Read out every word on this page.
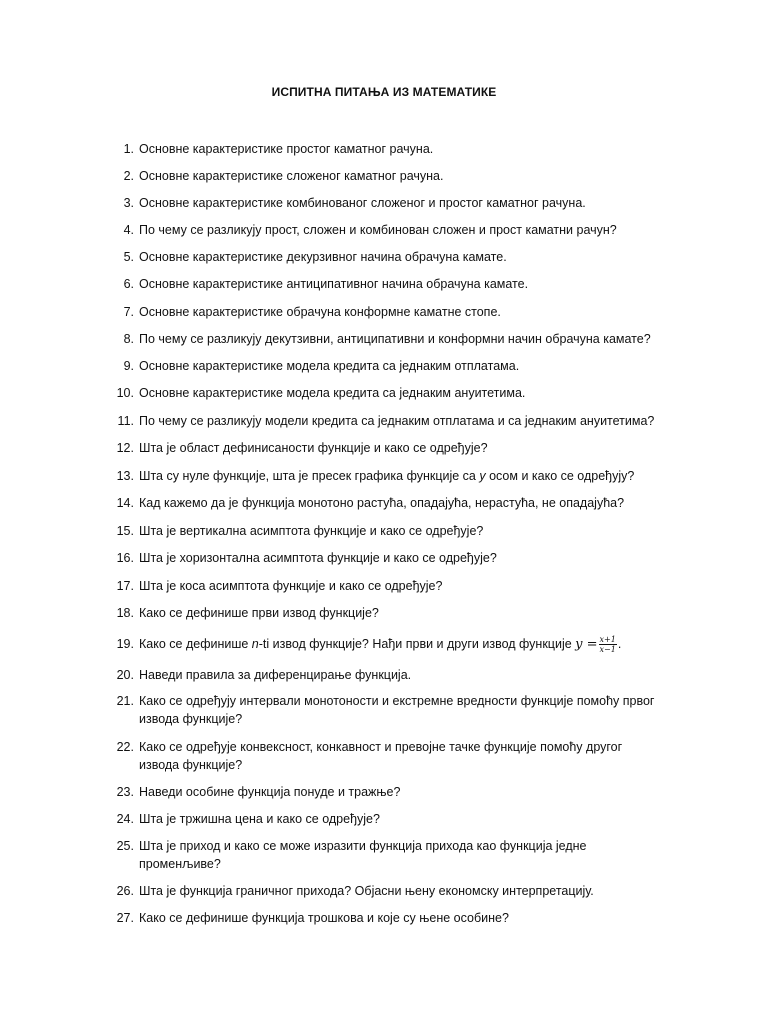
ИСПИТНА ПИТАЊА ИЗ МАТЕМАТИКЕ
1. Основне карактеристике простог каматног рачуна.
2. Основне карактеристике сложеног каматног рачуна.
3. Основне карактеристике комбинованог сложеног и простог каматног рачуна.
4. По чему се разликују прост, сложен и комбинован сложен и прост каматни рачун?
5. Основне карактеристике декурзивног начина обрачуна камате.
6. Основне карактеристике антиципативног начина обрачуна камате.
7. Основне карактеристике обрачуна конформне каматне стопе.
8. По чему се разликују декутзивни, антиципативни и конформни начин обрачуна камате?
9. Основне карактеристике модела кредита са једнаким отплатама.
10. Основне карактеристике модела кредита са једнаким ануитетима.
11. По чему се разликују модели кредита са једнаким отплатама и са једнаким ануитетима?
12. Шта је област дефинисаности функције и како се одређује?
13. Шта су нуле функције, шта је пресек графика функције са y осом и како се одређују?
14. Кад кажемо да је функција монотоно растућа, опадајућа, нерастућа, не опадајућа?
15. Шта је вертикална асимптота функције и како се одређује?
16. Шта је хоризонтална асимптота функције и како се одређује?
17. Шта је коса асимптота функције и како се одређује?
18. Како се дефинише први извод функције?
19. Како се дефинише n-ti извод функције? Нађи први и други извод функције $y = \frac{x+1}{x-1}$ .
20. Наведи правила за диференцирање функција.
21. Како се одређују интервали монотоности и екстремне вредности функције помоћу првог извода функције?
22. Како се одређује конвексност, конкавност и превојне тачке функције помоћу другог извода функције?
23. Наведи особине функција понуде и тражње?
24. Шта је тржишна цена и како се одређује?
25. Шта је приход и како се може изразити функција прихода као функција једне променљиве?
26. Шта је функција граничног прихода? Објасни њену економску интерпретацију.
27. Како се дефинише функција трошкова и које су њене особине?
